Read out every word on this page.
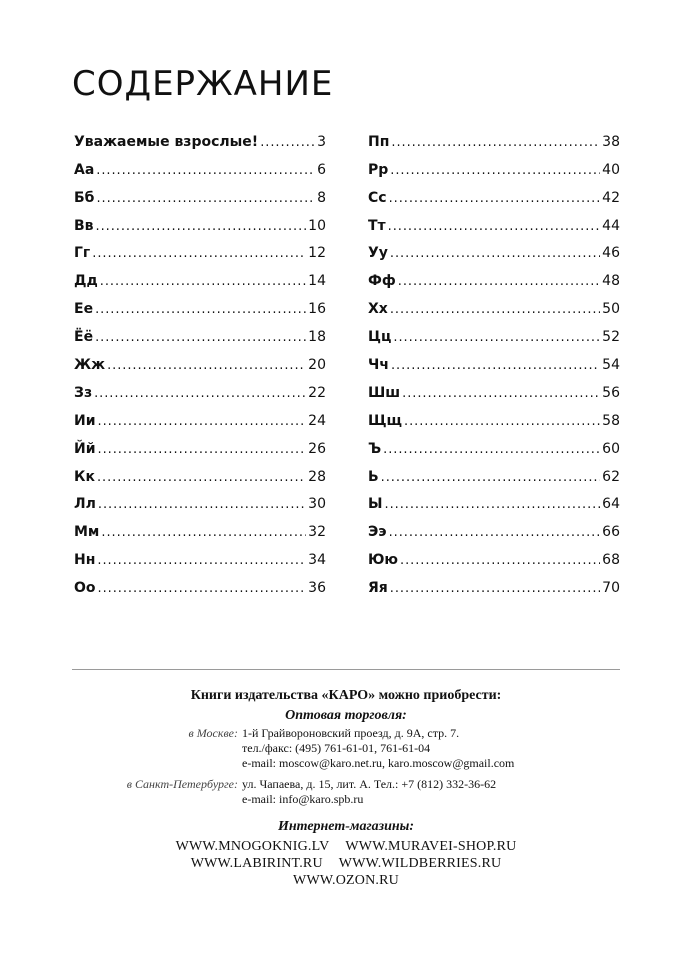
СОДЕРЖАНИЕ
Уважаемые взрослые! . . .	3
Аа . . .	6
Бб . . .	8
Вв . . .	10
Гг . . .	12
Дд . . .	14
Ее . . .	16
Ёё . . .	18
Жж . . .	20
Зз . . .	22
Ии . . .	24
Йй . . .	26
Кк . . .	28
Лл . . .	30
Мм . . .	32
Нн . . .	34
Оо . . .	36
Пп . . .	38
Рр . . .	40
Сс . . .	42
Тт . . .	44
Уу . . .	46
Фф . . .	48
Хх . . .	50
Цц . . .	52
Чч . . .	54
Шш . . .	56
Щщ . . .	58
Ъ . . .	60
Ь . . .	62
Ы . . .	64
Ээ . . .	66
Юю . . .	68
Яя . . .	70
Книги издательства «КАРО» можно приобрести:
Оптовая торговля:
в Москве: 1-й Грайвороновский проезд, д. 9А, стр. 7.
тел./факс: (495) 761-61-01, 761-61-04
e-mail: moscow@karo.net.ru, karo.moscow@gmail.com
в Санкт-Петербурге: ул. Чапаева, д. 15, лит. А. Тел.: +7 (812) 332-36-62
e-mail: info@karo.spb.ru
Интернет-магазины:
WWW.MNOGOKNIG.LV WWW.MURAVEI-SHOP.RU
WWW.LABIRINT.RU WWW.WILDBERRIES.RU
WWW.OZON.RU
